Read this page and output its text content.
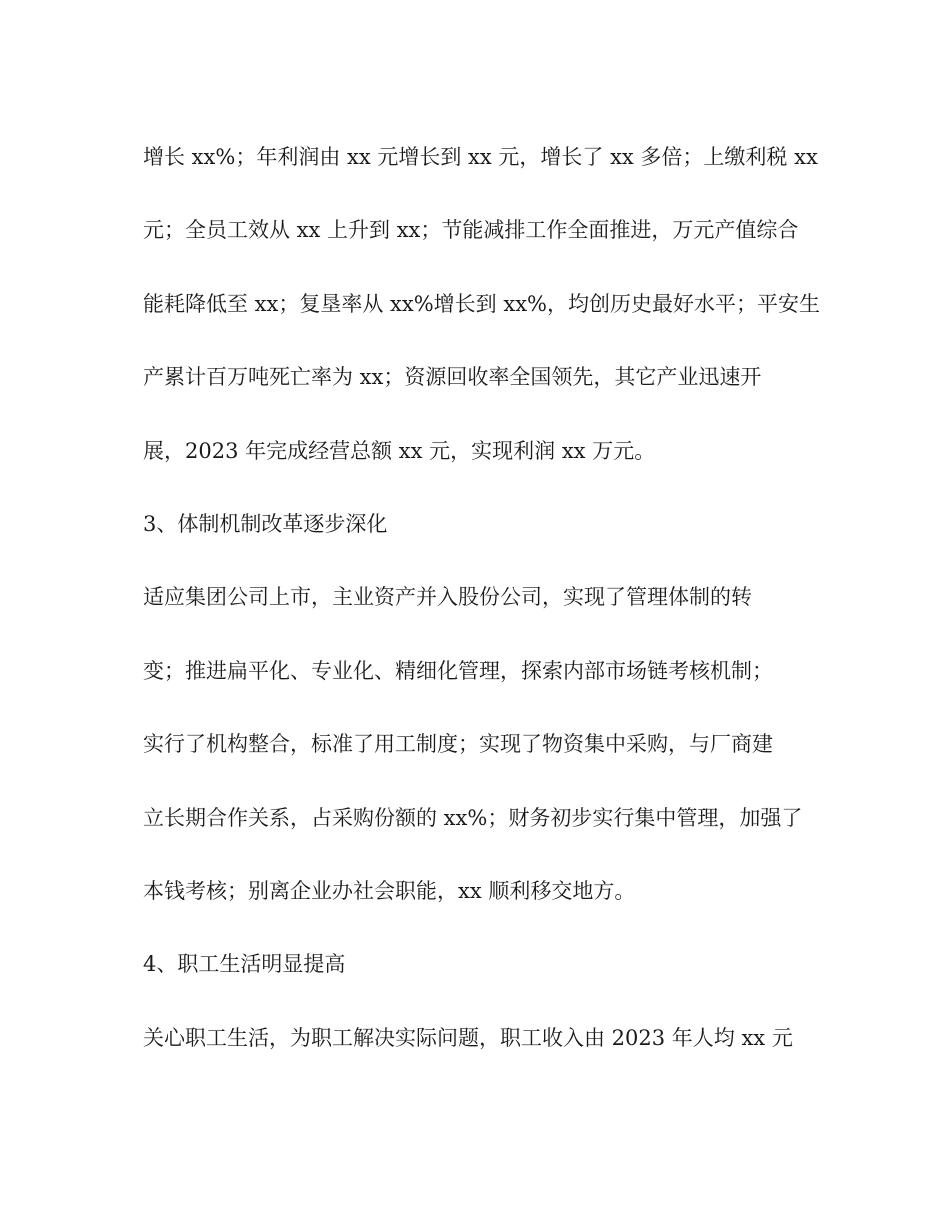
增长 xx%；年利润由 xx 元增长到 xx 元，增长了 xx 多倍；上缴利税 xx
元；全员工效从 xx 上升到 xx；节能减排工作全面推进，万元产值综合
能耗降低至 xx；复垦率从 xx%增长到 xx%，均创历史最好水平；平安生
产累计百万吨死亡率为 xx；资源回收率全国领先，其它产业迅速开
展，2023 年完成经营总额 xx 元，实现利润 xx 万元。
3、体制机制改革逐步深化
适应集团公司上市，主业资产并入股份公司，实现了管理体制的转
变；推进扁平化、专业化、精细化管理，探索内部市场链考核机制；
实行了机构整合，标准了用工制度；实现了物资集中采购，与厂商建
立长期合作关系，占采购份额的 xx%；财务初步实行集中管理，加强了
本钱考核；别离企业办社会职能，xx 顺利移交地方。
4、职工生活明显提高
关心职工生活，为职工解决实际问题，职工收入由 2023 年人均 xx 元
